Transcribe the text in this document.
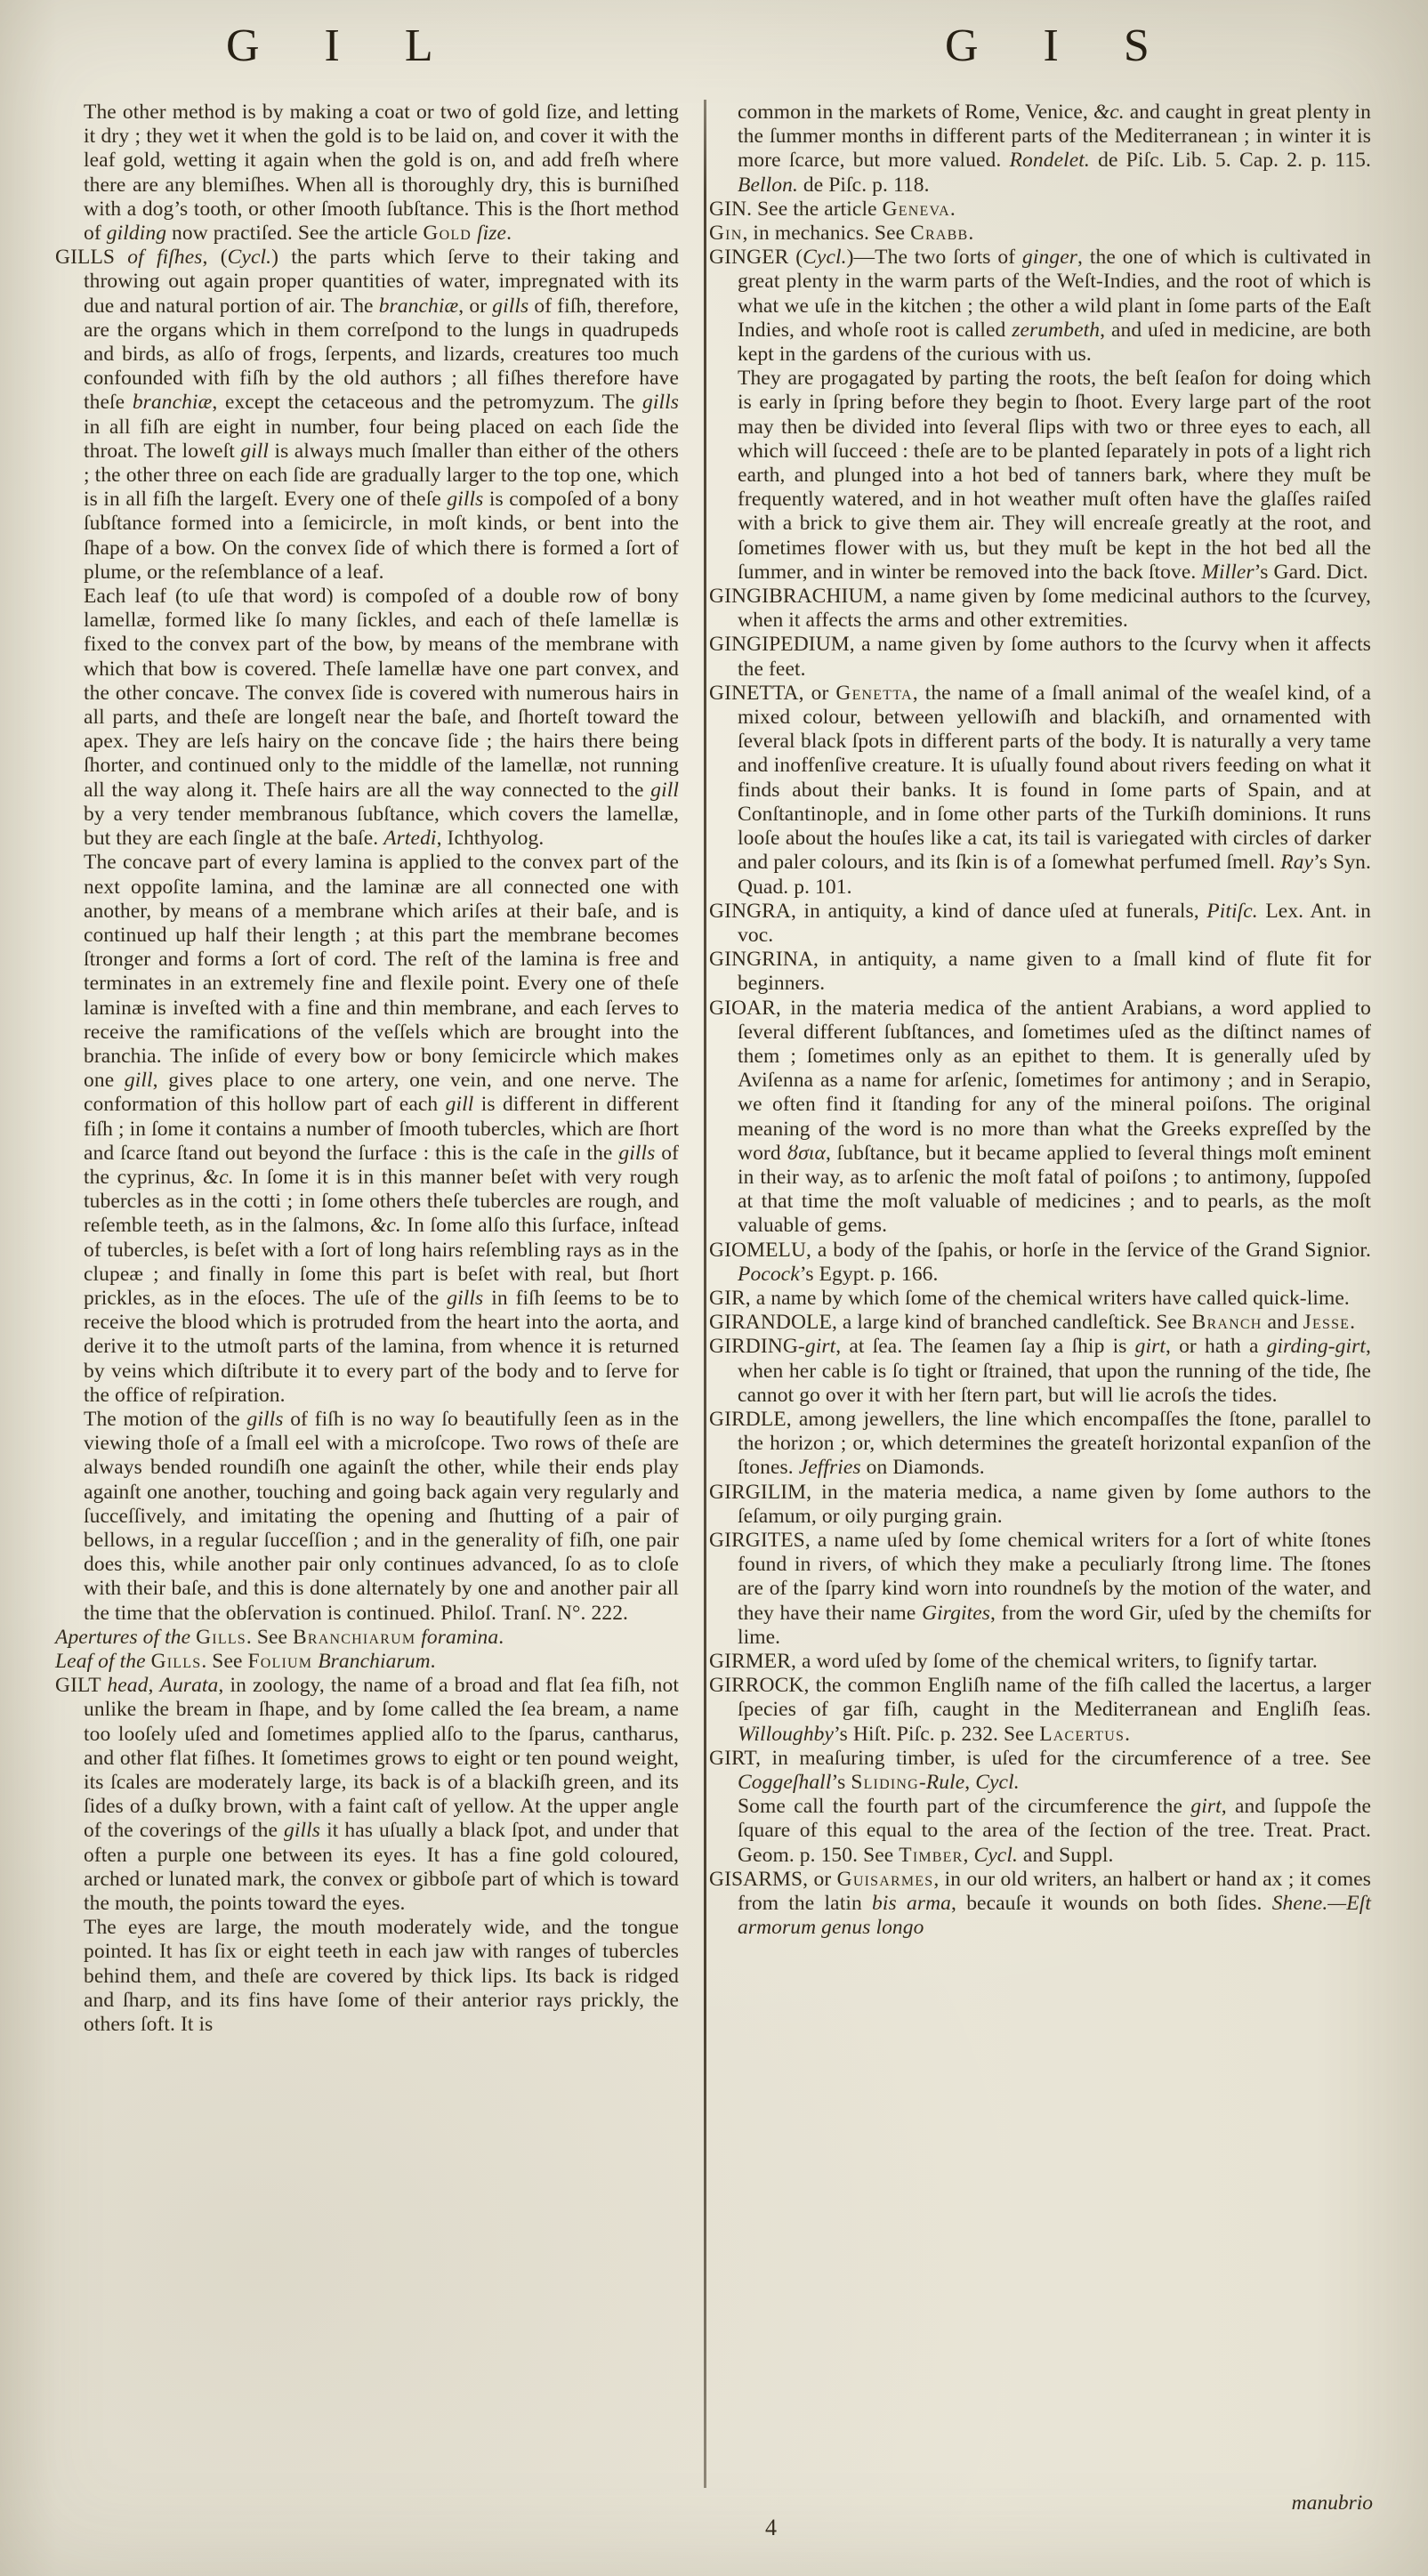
G I L	G I S

The other method is by making a coat or two of gold ſize, and letting it dry ; they wet it when the gold is to be laid on, and cover it with the leaf gold, wetting it again when the gold is on, and add freſh where there are any blemiſhes. When all is thoroughly dry, this is burniſhed with a dog’s tooth, or other ſmooth ſubſtance. This is the ſhort method of gilding now practiſed. See the article Gold ſize.

GILLS of fiſhes, (Cycl.) the parts which ſerve to their taking and throwing out again proper quantities of water, impregnated with its due and natural portion of air. The branchiæ, or gills of fiſh, therefore, are the organs which in them correſpond to the lungs in quadrupeds and birds, as alſo of frogs, ſerpents, and lizards, creatures too much confounded with fiſh by the old authors ; all fiſhes therefore have theſe branchiæ, except the cetaceous and the petromyzum. The gills in all fiſh are eight in number, four being placed on each ſide the throat. The loweſt gill is always much ſmaller than either of the others ; the other three on each ſide are gradually larger to the top one, which is in all fiſh the largeſt. Every one of theſe gills is compoſed of a bony ſubſtance formed into a ſemicircle, in moſt kinds, or bent into the ſhape of a bow. On the convex ſide of which there is formed a ſort of plume, or the reſemblance of a leaf.

Each leaf (to uſe that word) is compoſed of a double row of bony lamellæ, formed like ſo many ſickles, and each of theſe lamellæ is fixed to the convex part of the bow, by means of the membrane with which that bow is covered. Theſe lamellæ have one part convex, and the other concave. The convex ſide is covered with numerous hairs in all parts, and theſe are longeſt near the baſe, and ſhorteſt toward the apex. They are leſs hairy on the concave ſide ; the hairs there being ſhorter, and continued only to the middle of the lamellæ, not running all the way along it. Theſe hairs are all the way connected to the gill by a very tender membranous ſubſtance, which covers the lamellæ, but they are each ſingle at the baſe. Artedi, Ichthyolog.

The concave part of every lamina is applied to the convex part of the next oppoſite lamina, and the laminæ are all connected one with another, by means of a membrane which ariſes at their baſe, and is continued up half their length ; at this part the membrane becomes ſtronger and forms a ſort of cord. The reſt of the lamina is free and terminates in an extremely fine and flexile point. Every one of theſe laminæ is inveſted with a fine and thin membrane, and each ſerves to receive the ramifications of the veſſels which are brought into the branchia. The inſide of every bow or bony ſemicircle which makes one gill, gives place to one artery, one vein, and one nerve. The conformation of this hollow part of each gill is different in different fiſh ; in ſome it contains a number of ſmooth tubercles, which are ſhort and ſcarce ſtand out beyond the ſurface : this is the caſe in the gills of the cyprinus, &c. In ſome it is in this manner beſet with very rough tubercles as in the cotti ; in ſome others theſe tubercles are rough, and reſemble teeth, as in the ſalmons, &c. In ſome alſo this ſurface, inſtead of tubercles, is beſet with a ſort of long hairs reſembling rays as in the clupeæ ; and finally in ſome this part is beſet with real, but ſhort prickles, as in the eſoces. The uſe of the gills in fiſh ſeems to be to receive the blood which is protruded from the heart into the aorta, and derive it to the utmoſt parts of the lamina, from whence it is returned by veins which diſtribute it to every part of the body and to ſerve for the office of reſpiration.

The motion of the gills of fiſh is no way ſo beautifully ſeen as in the viewing thoſe of a ſmall eel with a microſcope. Two rows of theſe are always bended roundiſh one againſt the other, while their ends play againſt one another, touching and going back again very regularly and ſucceſſively, and imitating the opening and ſhutting of a pair of bellows, in a regular ſucceſſion ; and in the generality of fiſh, one pair does this, while another pair only continues advanced, ſo as to cloſe with their baſe, and this is done alternately by one and another pair all the time that the obſervation is continued. Philoſ. Tranſ. N°. 222.

Apertures of the Gills. See Branchiarum foramina.

Leaf of the Gills. See Folium Branchiarum.

GILT head, Aurata, in zoology, the name of a broad and flat ſea fiſh, not unlike the bream in ſhape, and by ſome called the ſea bream, a name too looſely uſed and ſometimes applied alſo to the ſparus, cantharus, and other flat fiſhes. It ſometimes grows to eight or ten pound weight, its ſcales are moderately large, its back is of a blackiſh green, and its ſides of a duſky brown, with a faint caſt of yellow. At the upper angle of the coverings of the gills it has uſually a black ſpot, and under that often a purple one between its eyes. It has a fine gold coloured, arched or lunated mark, the convex or gibboſe part of which is toward the mouth, the points toward the eyes.

The eyes are large, the mouth moderately wide, and the tongue pointed. It has ſix or eight teeth in each jaw with ranges of tubercles behind them, and theſe are covered by thick lips. Its back is ridged and ſharp, and its fins have ſome of their anterior rays prickly, the others ſoft. It is

common in the markets of Rome, Venice, &c. and caught in great plenty in the ſummer months in different parts of the Mediterranean ; in winter it is more ſcarce, but more valued. Rondelet. de Piſc. Lib. 5. Cap. 2. p. 115. Bellon. de Piſc. p. 118.

GIN. See the article Geneva.

Gin, in mechanics. See Crabb.

GINGER (Cycl.)—The two ſorts of ginger, the one of which is cultivated in great plenty in the warm parts of the Weſt-Indies, and the root of which is what we uſe in the kitchen ; the other a wild plant in ſome parts of the Eaſt Indies, and whoſe root is called zerumbeth, and uſed in medicine, are both kept in the gardens of the curious with us.

They are progagated by parting the roots, the beſt ſeaſon for doing which is early in ſpring before they begin to ſhoot. Every large part of the root may then be divided into ſeveral ſlips with two or three eyes to each, all which will ſucceed : theſe are to be planted ſeparately in pots of a light rich earth, and plunged into a hot bed of tanners bark, where they muſt be frequently watered, and in hot weather muſt often have the glaſſes raiſed with a brick to give them air. They will encreaſe greatly at the root, and ſometimes flower with us, but they muſt be kept in the hot bed all the ſummer, and in winter be removed into the back ſtove. Miller’s Gard. Dict.

GINGIBRACHIUM, a name given by ſome medicinal authors to the ſcurvey, when it affects the arms and other extremities.

GINGIPEDIUM, a name given by ſome authors to the ſcurvy when it affects the feet.

GINETTA, or Genetta, the name of a ſmall animal of the weaſel kind, of a mixed colour, between yellowiſh and blackiſh, and ornamented with ſeveral black ſpots in different parts of the body. It is naturally a very tame and inoffenſive creature. It is uſually found about rivers feeding on what it finds about their banks. It is found in ſome parts of Spain, and at Conſtantinople, and in ſome other parts of the Turkiſh dominions. It runs looſe about the houſes like a cat, its tail is variegated with circles of darker and paler colours, and its ſkin is of a ſomewhat perfumed ſmell. Ray’s Syn. Quad. p. 101.

GINGRA, in antiquity, a kind of dance uſed at funerals, Pitiſc. Lex. Ant. in voc.

GINGRINA, in antiquity, a name given to a ſmall kind of flute fit for beginners.

GIOAR, in the materia medica of the antient Arabians, a word applied to ſeveral different ſubſtances, and ſometimes uſed as the diſtinct names of them ; ſometimes only as an epithet to them. It is generally uſed by Aviſenna as a name for arſenic, ſometimes for antimony ; and in Serapio, we often find it ſtanding for any of the mineral poiſons. The original meaning of the word is no more than what the Greeks expreſſed by the word ȣσια, ſubſtance, but it became applied to ſeveral things moſt eminent in their way, as to arſenic the moſt fatal of poiſons ; to antimony, ſuppoſed at that time the moſt valuable of medicines ; and to pearls, as the moſt valuable of gems.

GIOMELU, a body of the ſpahis, or horſe in the ſervice of the Grand Signior. Pocock’s Egypt. p. 166.

GIR, a name by which ſome of the chemical writers have called quick-lime.

GIRANDOLE, a large kind of branched candleſtick. See Branch and Jesse.

GIRDING-girt, at ſea. The ſeamen ſay a ſhip is girt, or hath a girding-girt, when her cable is ſo tight or ſtrained, that upon the running of the tide, ſhe cannot go over it with her ſtern part, but will lie acroſs the tides.

GIRDLE, among jewellers, the line which encompaſſes the ſtone, parallel to the horizon ; or, which determines the greateſt horizontal expanſion of the ſtones. Jeffries on Diamonds.

GIRGILIM, in the materia medica, a name given by ſome authors to the ſeſamum, or oily purging grain.

GIRGITES, a name uſed by ſome chemical writers for a ſort of white ſtones found in rivers, of which they make a peculiarly ſtrong lime. The ſtones are of the ſparry kind worn into roundneſs by the motion of the water, and they have their name Girgites, from the word Gir, uſed by the chemiſts for lime.

GIRMER, a word uſed by ſome of the chemical writers, to ſignify tartar.

GIRROCK, the common Engliſh name of the fiſh called the lacertus, a larger ſpecies of gar fiſh, caught in the Mediterranean and Engliſh ſeas. Willoughby’s Hiſt. Piſc. p. 232. See Lacertus.

GIRT, in meaſuring timber, is uſed for the circumference of a tree. See Coggeſhall’s Sliding-Rule, Cycl.

Some call the fourth part of the circumference the girt, and ſuppoſe the ſquare of this equal to the area of the ſection of the tree. Treat. Pract. Geom. p. 150. See Timber, Cycl. and Suppl.

GISARMS, or Guisarmes, in our old writers, an halbert or hand ax ; it comes from the latin bis arma, becauſe it wounds on both ſides. Shene.—Eſt armorum genus longo

4
manubrio
